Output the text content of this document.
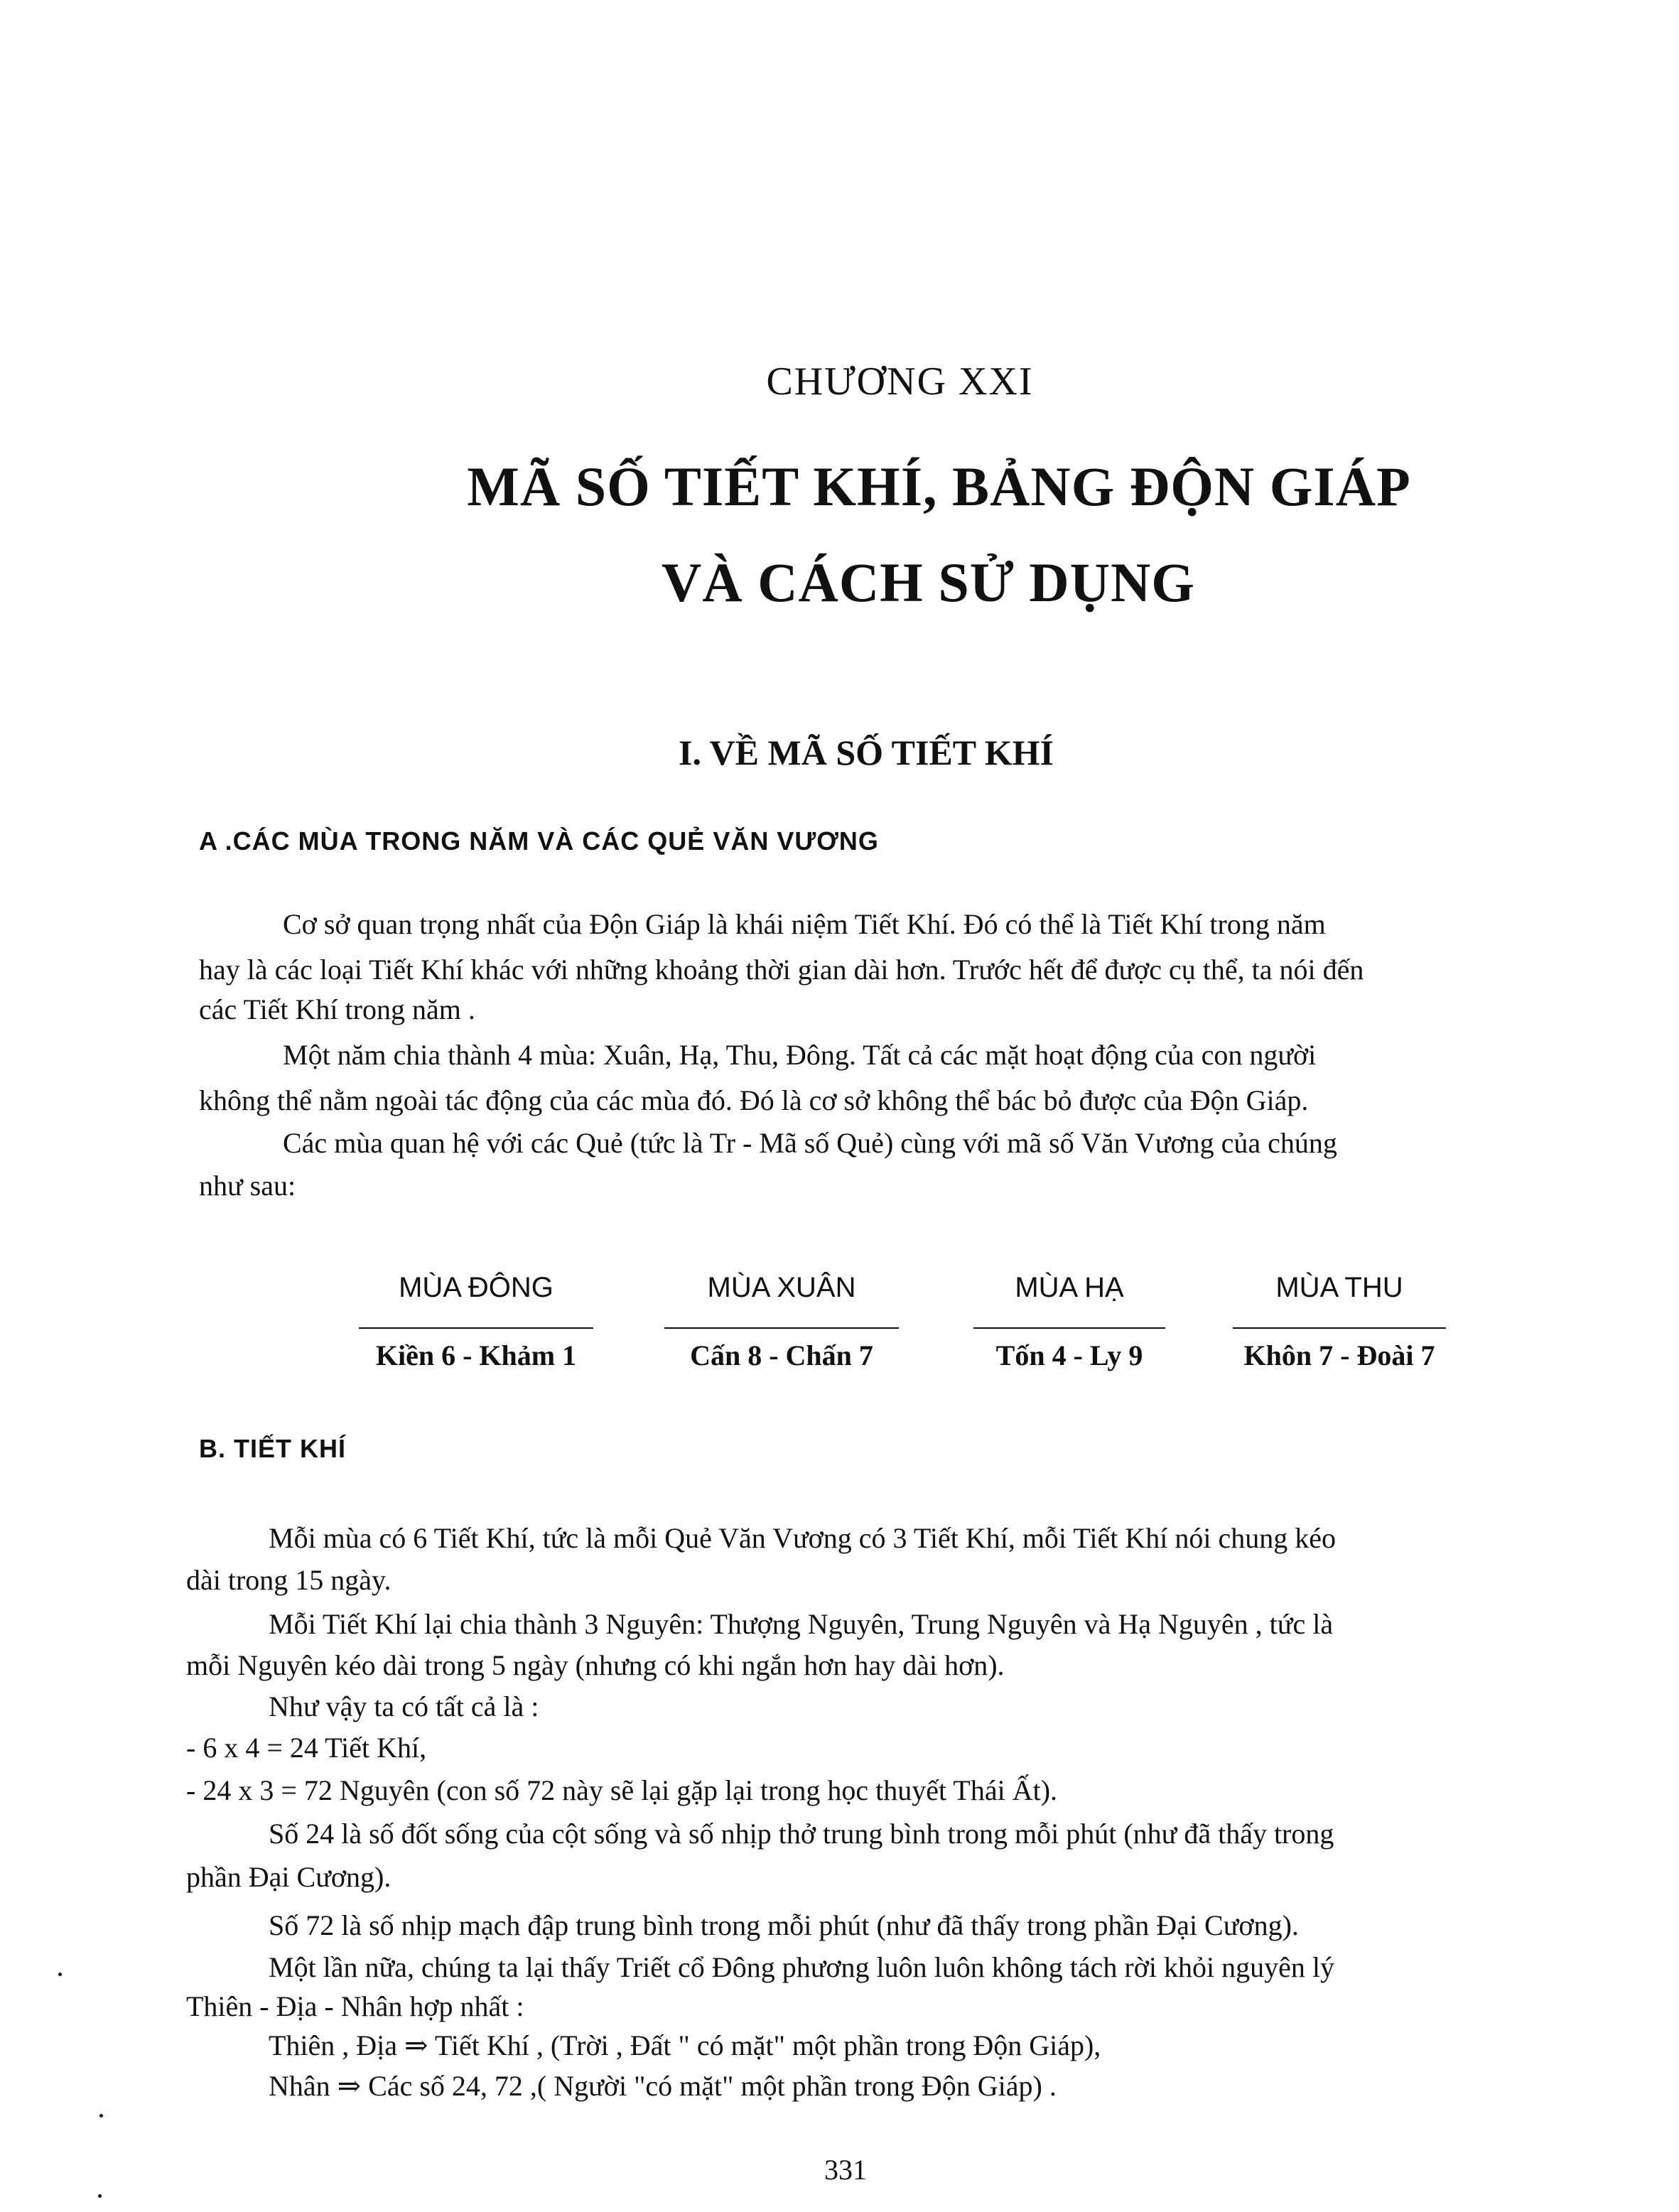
CHƯƠNG XXI
MÃ SỐ TIẾT KHÍ, BẢNG ĐỘN GIÁP
VÀ CÁCH SỬ DỤNG
I. VỀ MÃ SỐ TIẾT KHÍ
A .CÁC MÙA TRONG NĂM VÀ CÁC QUẺ VĂN VƯƠNG
Cơ sở quan trọng nhất của Độn Giáp là khái niệm Tiết Khí. Đó có thể là Tiết Khí trong năm
hay là các loại Tiết Khí khác với những khoảng thời gian dài hơn. Trước hết để được cụ thể, ta nói đến
các Tiết Khí trong năm .
Một năm chia thành 4 mùa: Xuân, Hạ, Thu, Đông. Tất cả các mặt hoạt động của con người
không thể nằm ngoài tác động của các mùa đó. Đó là cơ sở không thể bác bỏ được của Độn Giáp.
Các mùa quan hệ với các Quẻ (tức là Tr - Mã số Quẻ) cùng với mã số Văn Vương của chúng
như sau:
MÙA ĐÔNG
Kiền 6 - Khảm 1
MÙA XUÂN
Cấn 8 - Chấn 7
MÙA HẠ
Tốn 4 - Ly 9
MÙA THU
Khôn 7 - Đoài 7
B. TIẾT KHÍ
Mỗi mùa có 6 Tiết Khí, tức là mỗi Quẻ Văn Vương có 3 Tiết Khí, mỗi Tiết Khí nói chung kéo
dài trong 15 ngày.
Mỗi Tiết Khí lại chia thành 3 Nguyên: Thượng Nguyên, Trung Nguyên và Hạ Nguyên , tức là
mỗi Nguyên kéo dài trong 5 ngày (nhưng có khi ngắn hơn hay dài hơn).
Như vậy ta có tất cả là :
- 6 x 4 = 24 Tiết Khí,
- 24 x 3 = 72 Nguyên (con số 72 này sẽ lại gặp lại trong học thuyết Thái Ất).
Số 24 là số đốt sống của cột sống và số nhịp thở trung bình trong mỗi phút (như đã thấy trong
phần Đại Cương).
Số 72 là số nhịp mạch đập trung bình trong mỗi phút (như đã thấy trong phần Đại Cương).
Một lần nữa, chúng ta lại thấy Triết cổ Đông phương luôn luôn không tách rời khỏi nguyên lý
Thiên - Địa - Nhân hợp nhất :
Thiên , Địa ⇒ Tiết Khí , (Trời , Đất " có mặt" một phần trong Độn Giáp),
Nhân ⇒ Các số 24, 72 ,( Người "có mặt" một phần trong Độn Giáp) .
331
